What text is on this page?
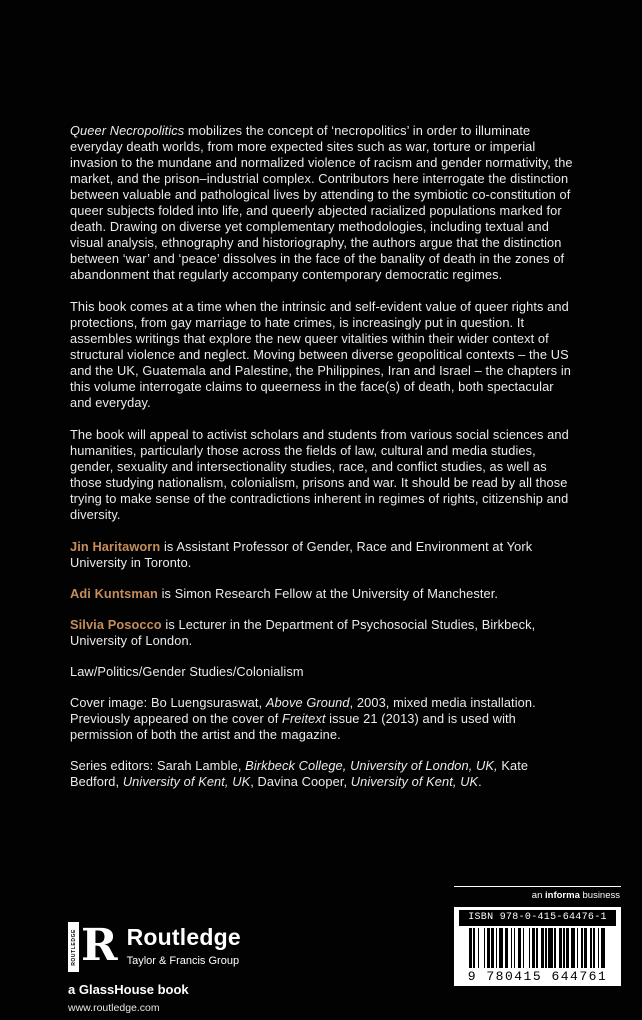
Queer Necropolitics mobilizes the concept of ‘necropolitics’ in order to illuminate everyday death worlds, from more expected sites such as war, torture or imperial invasion to the mundane and normalized violence of racism and gender normativity, the market, and the prison–industrial complex. Contributors here interrogate the distinction between valuable and pathological lives by attending to the symbiotic co-constitution of queer subjects folded into life, and queerly abjected racialized populations marked for death. Drawing on diverse yet complementary methodologies, including textual and visual analysis, ethnography and historiography, the authors argue that the distinction between ‘war’ and ‘peace’ dissolves in the face of the banality of death in the zones of abandonment that regularly accompany contemporary democratic regimes.

This book comes at a time when the intrinsic and self-evident value of queer rights and protections, from gay marriage to hate crimes, is increasingly put in question. It assembles writings that explore the new queer vitalities within their wider context of structural violence and neglect. Moving between diverse geopolitical contexts – the US and the UK, Guatemala and Palestine, the Philippines, Iran and Israel – the chapters in this volume interrogate claims to queerness in the face(s) of death, both spectacular and everyday.

The book will appeal to activist scholars and students from various social sciences and humanities, particularly those across the fields of law, cultural and media studies, gender, sexuality and intersectionality studies, race, and conflict studies, as well as those studying nationalism, colonialism, prisons and war. It should be read by all those trying to make sense of the contradictions inherent in regimes of rights, citizenship and diversity.

Jin Haritaworn is Assistant Professor of Gender, Race and Environment at York University in Toronto.

Adi Kuntsman is Simon Research Fellow at the University of Manchester.

Silvia Posocco is Lecturer in the Department of Psychosocial Studies, Birkbeck, University of London.

Law/Politics/Gender Studies/Colonialism

Cover image: Bo Luengsuraswat, Above Ground, 2003, mixed media installation. Previously appeared on the cover of Freitext issue 21 (2013) and is used with permission of both the artist and the magazine.

Series editors: Sarah Lamble, Birkbeck College, University of London, UK, Kate Bedford, University of Kent, UK, Davina Cooper, University of Kent, UK.

ROUTLEDGE R Routledge
Taylor & Francis Group
a GlassHouse book
www.routledge.com
an informa business
ISBN 978-0-415-64476-1
9 780415 644761
